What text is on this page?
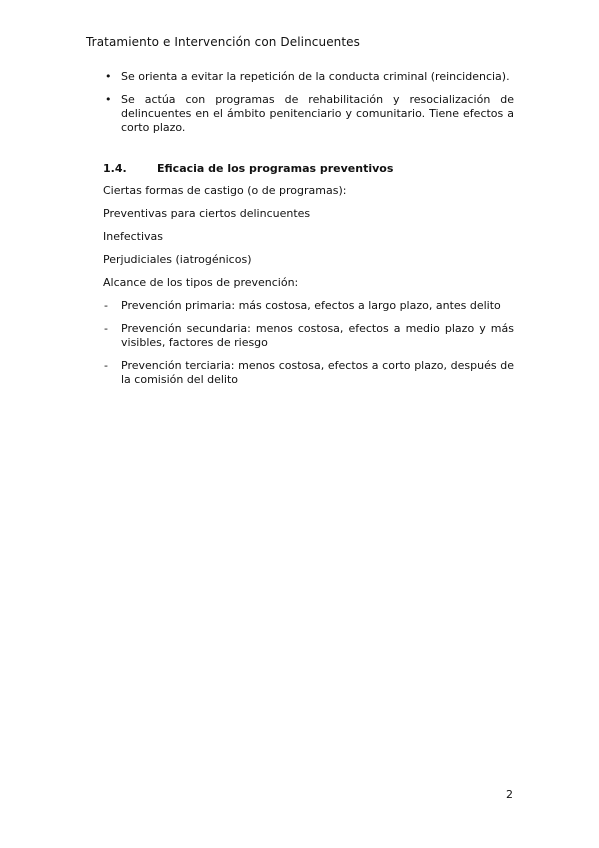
Tratamiento e Intervención con Delincuentes
• Se orienta a evitar la repetición de la conducta criminal (reincidencia).
• Se actúa con programas de rehabilitación y resocialización de delincuentes en el ámbito penitenciario y comunitario. Tiene efectos a corto plazo.
1.4.	Eficacia de los programas preventivos

Ciertas formas de castigo (o de programas):

Preventivas para ciertos delincuentes

Inefectivas

Perjudiciales (iatrogénicos)

Alcance de los tipos de prevención:

- Prevención primaria: más costosa, efectos a largo plazo, antes delito
- Prevención secundaria: menos costosa, efectos a medio plazo y más visibles, factores de riesgo
- Prevención terciaria: menos costosa, efectos a corto plazo, después de la comisión del delito
2
